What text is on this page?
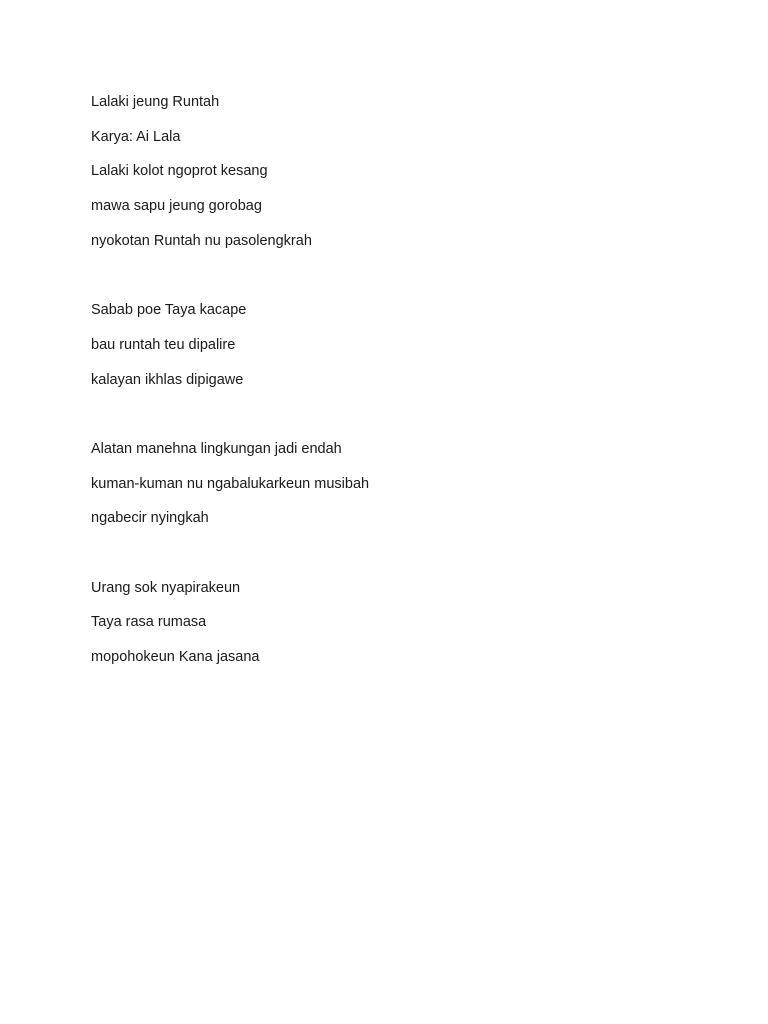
Lalaki jeung Runtah
Karya: Ai Lala
Lalaki kolot ngoprot kesang
mawa sapu jeung gorobag
nyokotan Runtah nu pasolengkrah
Sabab poe Taya kacape
bau runtah teu dipalire
kalayan ikhlas dipigawe
Alatan manehna lingkungan jadi endah
kuman-kuman nu ngabalukarkeun musibah
ngabecir nyingkah
Urang sok nyapirakeun
Taya rasa rumasa
mopohokeun Kana jasana
